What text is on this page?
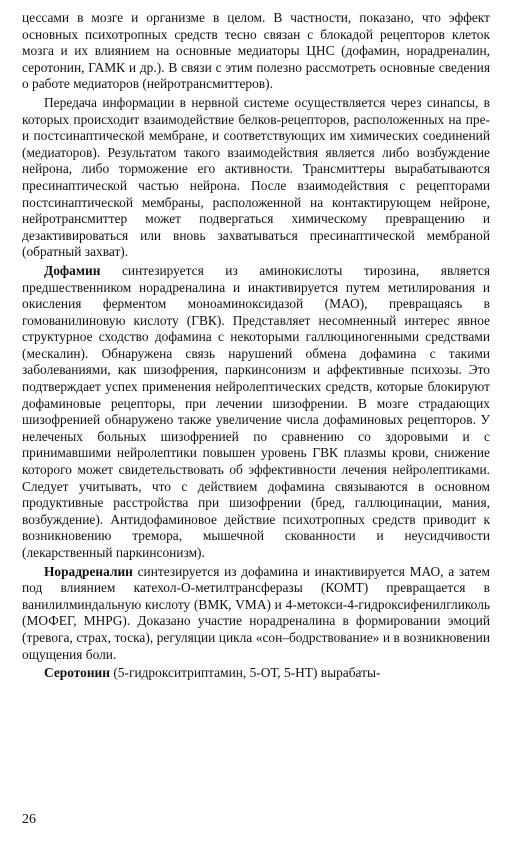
цессами в мозге и организме в целом. В частности, показано, что эффект основных психотропных средств тесно связан с блокадой рецепторов клеток мозга и их влиянием на основные медиаторы ЦНС (дофамин, норадреналин, серотонин, ГАМК и др.). В связи с этим полезно рассмотреть основные сведения о работе медиаторов (нейротрансмиттеров).

Передача информации в нервной системе осуществляется через синапсы, в которых происходит взаимодействие белков-рецепторов, расположенных на пре- и постсинаптической мембране, и соответствующих им химических соединений (медиаторов). Результатом такого взаимодействия является либо возбуждение нейрона, либо торможение его активности. Трансмиттеры вырабатываются пресинаптической частью нейрона. После взаимодействия с рецепторами постсинаптической мембраны, расположенной на контактирующем нейроне, нейротрансмиттер может подвергаться химическому превращению и дезактивироваться или вновь захватываться пресинаптической мембраной (обратный захват).

Дофамин синтезируется из аминокислоты тирозина, является предшественником норадреналина и инактивируется путем метилирования и окисления ферментом моноаминоксидазой (МАО), превращаясь в гомованилиновую кислоту (ГВК). Представляет несомненный интерес явное структурное сходство дофамина с некоторыми галлюциногенными средствами (мескалин). Обнаружена связь нарушений обмена дофамина с такими заболеваниями, как шизофрения, паркинсонизм и аффективные психозы. Это подтверждает успех применения нейролептических средств, которые блокируют дофаминовые рецепторы, при лечении шизофрении. В мозге страдающих шизофренией обнаружено также увеличение числа дофаминовых рецепторов. У нелеченых больных шизофренией по сравнению со здоровыми и с принимавшими нейролептики повышен уровень ГВК плазмы крови, снижение которого может свидетельствовать об эффективности лечения нейролептиками. Следует учитывать, что с действием дофамина связываются в основном продуктивные расстройства при шизофрении (бред, галлюцинации, мания, возбуждение). Антидофаминовое действие психотропных средств приводит к возникновению тремора, мышечной скованности и неусидчивости (лекарственный паркинсонизм).

Норадреналин синтезируется из дофамина и инактивируется МАО, а затем под влиянием катехол-О-метилтрансферазы (КОМТ) превращается в ванилилминдальную кислоту (ВМК, VMA) и 4-метокси-4-гидроксифенилгликоль (МОФЕГ, MHPG). Доказано участие норадреналина в формировании эмоций (тревога, страх, тоска), регуляции цикла «сон–бодрствование» и в возникновении ощущения боли.

Серотонин (5-гидрокситриптамин, 5-ОТ, 5-НТ) вырабаты-

26
